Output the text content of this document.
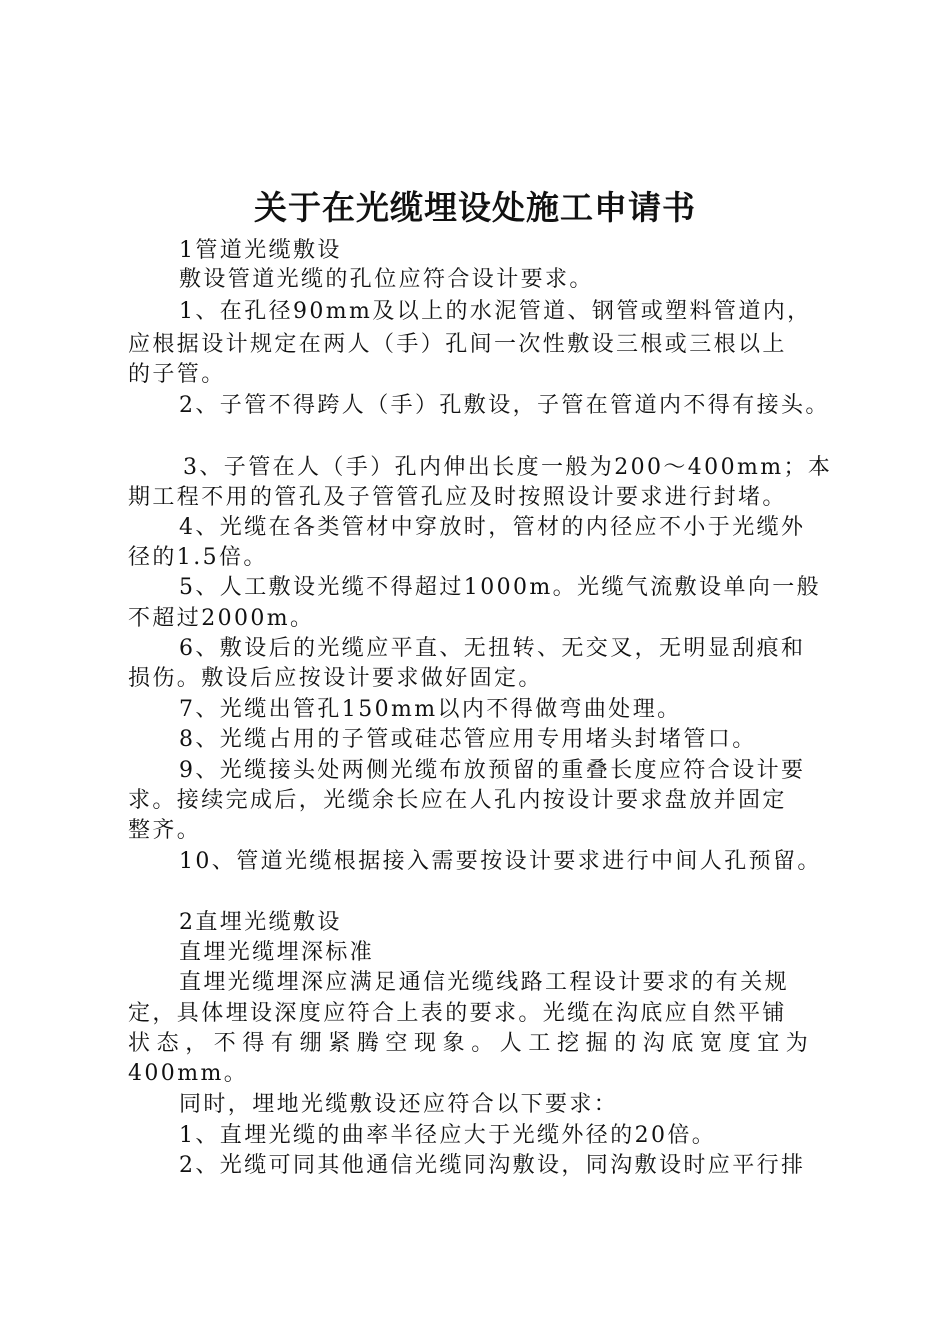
关于在光缆埋设处施工申请书
1管道光缆敷设
敷设管道光缆的孔位应符合设计要求。
1、在孔径90mm及以上的水泥管道、钢管或塑料管道内，
应根据设计规定在两人（手）孔间一次性敷设三根或三根以上
的子管。
2、子管不得跨人（手）孔敷设，子管在管道内不得有接头。
3、子管在人（手）孔内伸出长度一般为200～400mm；本
期工程不用的管孔及子管管孔应及时按照设计要求进行封堵。
4、光缆在各类管材中穿放时，管材的内径应不小于光缆外
径的1.5倍。
5、人工敷设光缆不得超过1000m。光缆气流敷设单向一般
不超过2000m。
6、敷设后的光缆应平直、无扭转、无交叉，无明显刮痕和
损伤。敷设后应按设计要求做好固定。
7、光缆出管孔150mm以内不得做弯曲处理。
8、光缆占用的子管或硅芯管应用专用堵头封堵管口。
9、光缆接头处两侧光缆布放预留的重叠长度应符合设计要
求。接续完成后，光缆余长应在人孔内按设计要求盘放并固定
整齐。
10、管道光缆根据接入需要按设计要求进行中间人孔预留。
2直埋光缆敷设
直埋光缆埋深标准
直埋光缆埋深应满足通信光缆线路工程设计要求的有关规
定，具体埋设深度应符合上表的要求。光缆在沟底应自然平铺
状态，不得有绷紧腾空现象。人工挖掘的沟底宽度宜为
400mm。
同时，埋地光缆敷设还应符合以下要求：
1、直埋光缆的曲率半径应大于光缆外径的20倍。
2、光缆可同其他通信光缆同沟敷设，同沟敷设时应平行排
